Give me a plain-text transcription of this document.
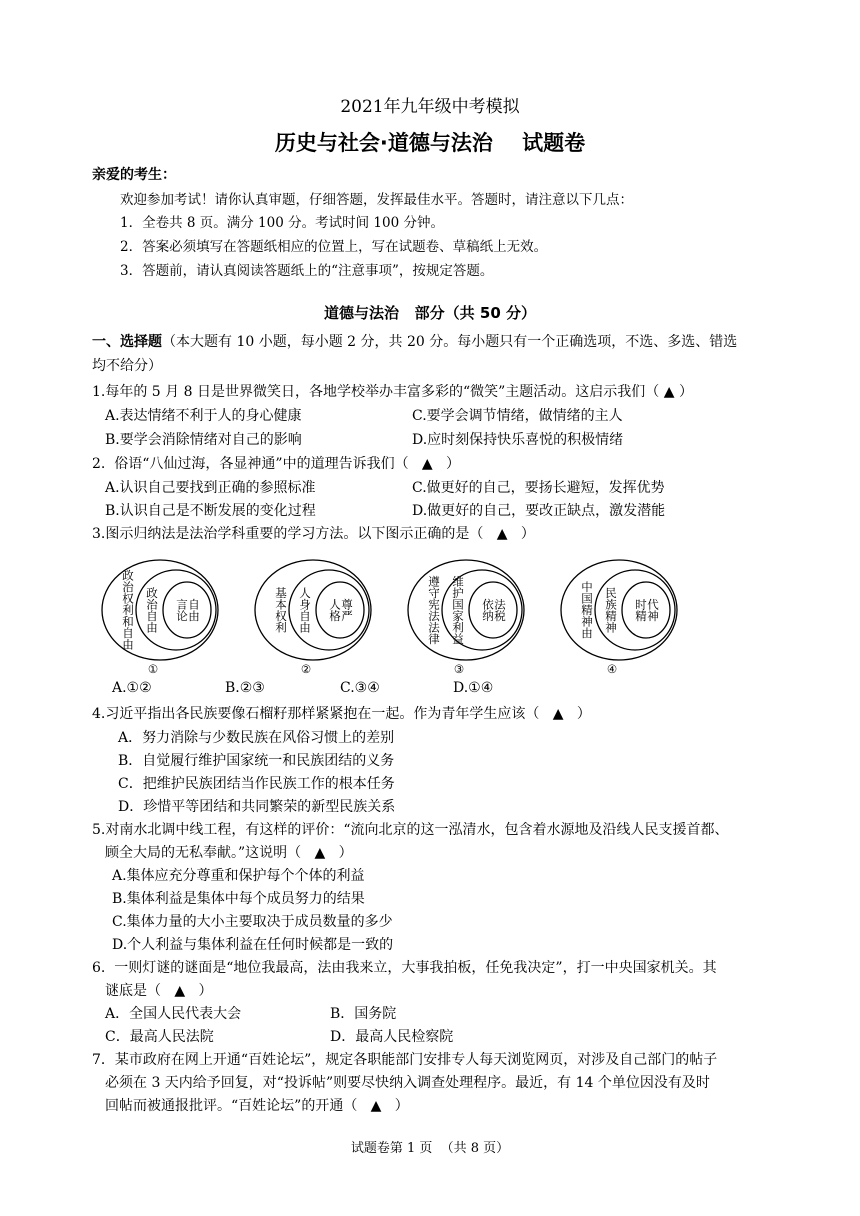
2021年九年级中考模拟
历史与社会·道德与法治    试题卷
亲爱的考生：
欢迎参加考试！请你认真审题，仔细答题，发挥最佳水平。答题时，请注意以下几点：
1．全卷共 8 页。满分 100 分。考试时间 100 分钟。
2．答案必须填写在答题纸相应的位置上，写在试题卷、草稿纸上无效。
3．答题前，请认真阅读答题纸上的“注意事项”，按规定答题。
道德与法治   部分（共 50 分）
一、选择题（本大题有 10 小题，每小题 2 分，共 20 分。每小题只有一个正确选项，不选、多选、错选
均不给分）
1.每年的 5 月 8 日是世界微笑日，各地学校举办丰富多彩的“微笑”主题活动。这启示我们（ ▲ ）
A.表达情绪不利于人的身心健康	C.要学会调节情绪，做情绪的主人
B.要学会消除情绪对自己的影响	D.应时刻保持快乐喜悦的积极情绪
2.  俗语“八仙过海，各显神通”中的道理告诉我们（   ▲   ）
A.认识自己要找到正确的参照标准	C.做更好的自己，要扬长避短，发挥优势
B.认识自己是不断发展的变化过程	D.做更好的自己，要改正缺点，激发潜能
3.图示归纳法是法治学科重要的学习方法。以下图示正确的是（   ▲   ）
政
治
权
利
和
自
由
政
治
自
由
言
论
自
由
①
基
本
权
利
人
身
自
由
人
格
尊
严
②
遵
守
宪
法
法
律
维
护
国
家
利
益
依
纳
法
税
③
中
国
精
神
由
民
族
精
神
时
精
代
神
④
A.①②	B.②③	C.③④	D.①④
4.习近平指出各民族要像石榴籽那样紧紧抱在一起。作为青年学生应该（   ▲   ）
A．努力消除与少数民族在风俗习惯上的差别
B．自觉履行维护国家统一和民族团结的义务
C．把维护民族团结当作民族工作的根本任务
D．珍惜平等团结和共同繁荣的新型民族关系
5.对南水北调中线工程，有这样的评价：“流向北京的这一泓清水，包含着水源地及沿线人民支援首都、
顾全大局的无私奉献。”这说明（   ▲   ）
A.集体应充分尊重和保护每个个体的利益
B.集体利益是集体中每个成员努力的结果
C.集体力量的大小主要取决于成员数量的多少
D.个人利益与集体利益在任何时候都是一致的
6.  一则灯谜的谜面是“地位我最高，法由我来立，大事我拍板，任免我决定”，打一中央国家机关。其
谜底是（   ▲   ）
A．全国人民代表大会	B．国务院
C．最高人民法院	D．最高人民检察院
7．某市政府在网上开通“百姓论坛”，规定各职能部门安排专人每天浏览网页，对涉及自己部门的帖子
必须在 3 天内给予回复，对“投诉帖”则要尽快纳入调查处理程序。最近，有 14 个单位因没有及时
回帖而被通报批评。“百姓论坛”的开通（   ▲   ）
试题卷第 1 页  （共 8 页）
